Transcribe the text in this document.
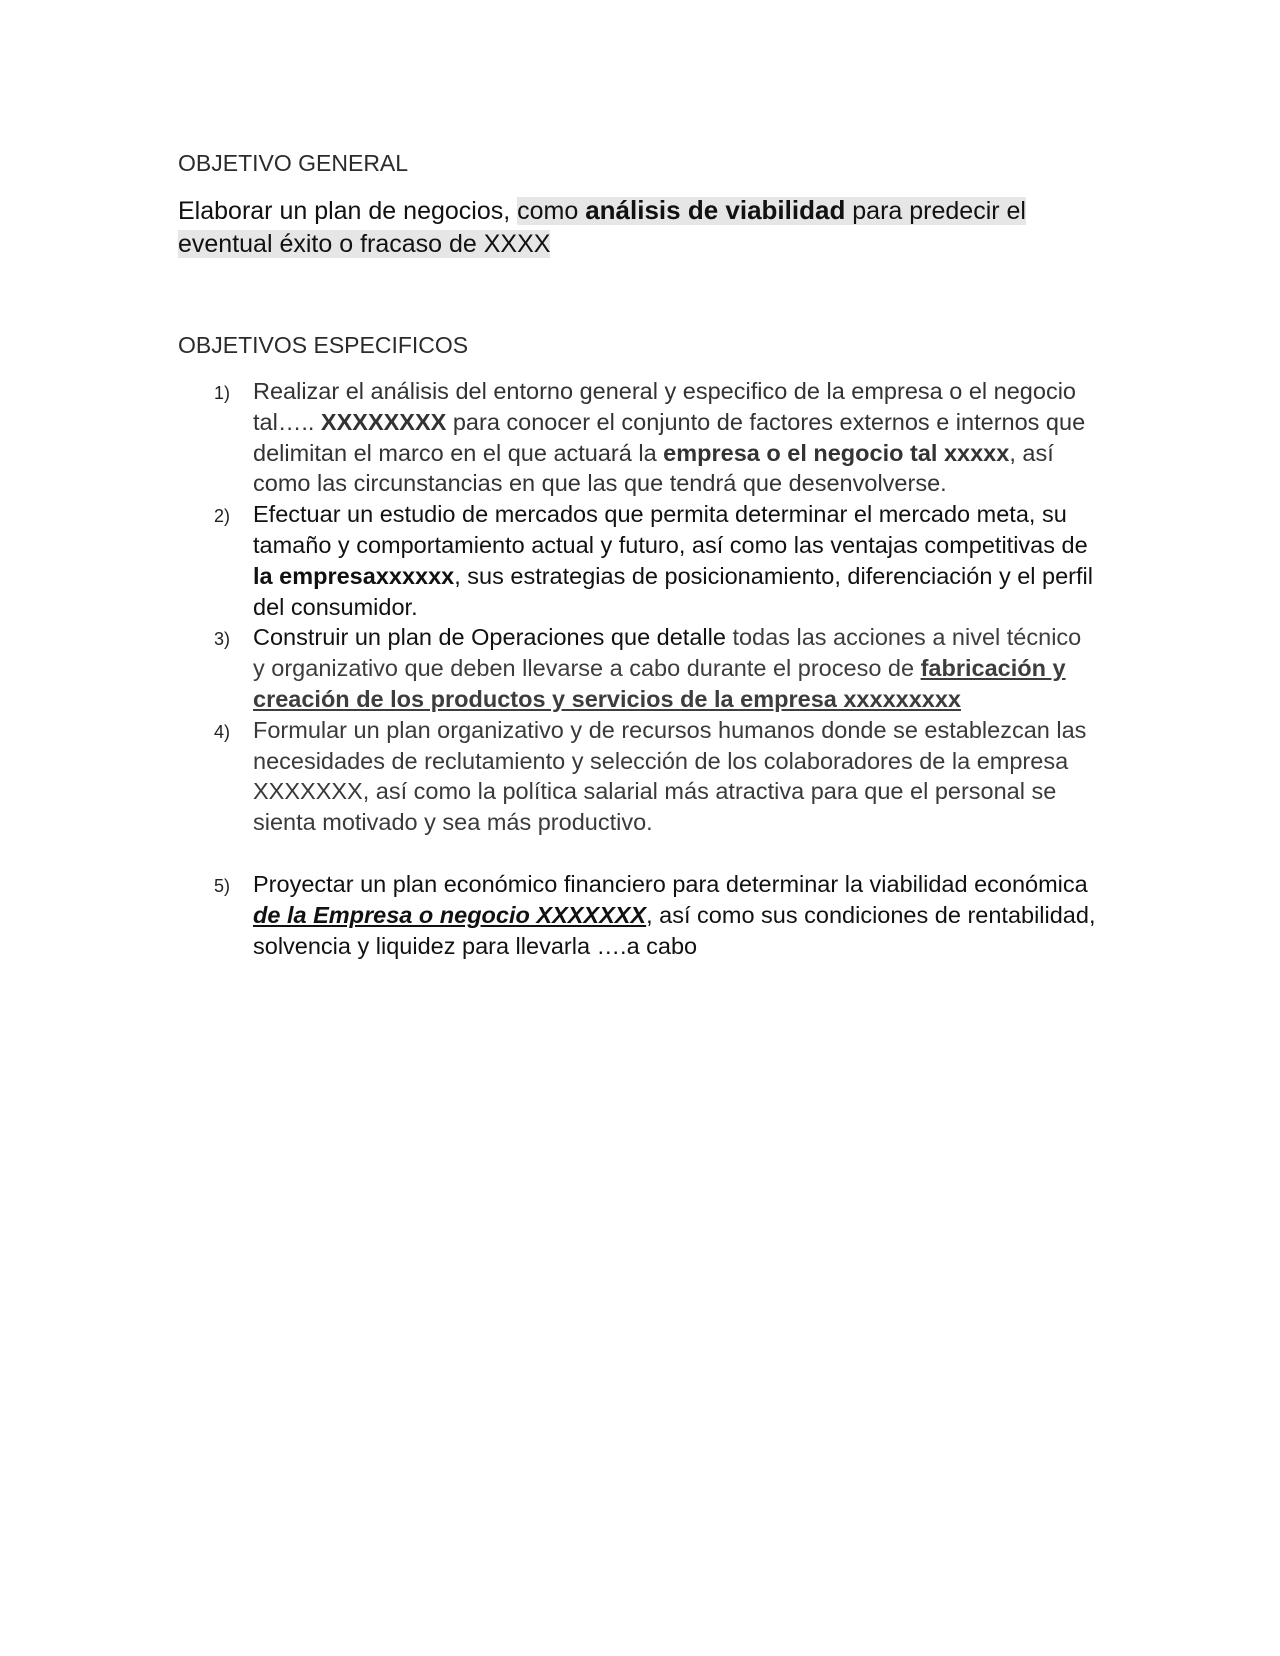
OBJETIVO GENERAL

Elaborar un plan de negocios, como análisis de viabilidad para predecir el eventual éxito o fracaso de XXXX

OBJETIVOS ESPECIFICOS
1) Realizar el análisis del entorno general y especifico de la empresa o el negocio tal….. XXXXXXXX para conocer el conjunto de factores externos e internos que delimitan el marco en el que actuará la empresa o el negocio tal xxxxx, así como las circunstancias en que las que tendrá que desenvolverse.
2) Efectuar un estudio de mercados que permita determinar el mercado meta, su tamaño y comportamiento actual y futuro, así como las ventajas competitivas de la empresaxxxxxx, sus estrategias de posicionamiento, diferenciación y el perfil del consumidor.
3) Construir un plan de Operaciones que detalle todas las acciones a nivel técnico y organizativo que deben llevarse a cabo durante el proceso de fabricación y creación de los productos y servicios de la empresa xxxxxxxxx
4) Formular un plan organizativo y de recursos humanos donde se establezcan las necesidades de reclutamiento y selección de los colaboradores de la empresa XXXXXXX, así como la política salarial más atractiva para que el personal se sienta motivado y sea más productivo.
5) Proyectar un plan económico financiero para determinar la viabilidad económica de la Empresa o negocio XXXXXXX, así como sus condiciones de rentabilidad, solvencia y liquidez para llevarla ….a cabo
